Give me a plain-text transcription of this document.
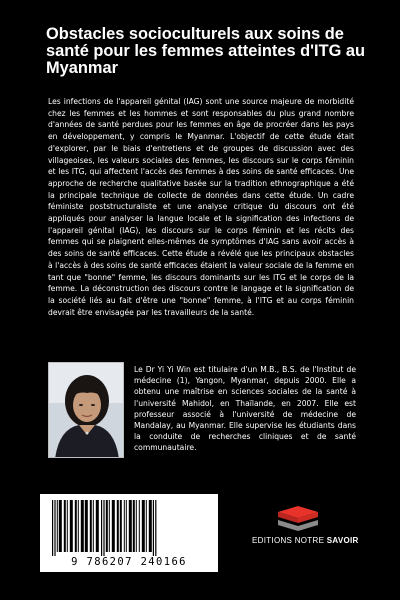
Obstacles socioculturels aux soins de santé pour les femmes atteintes d'ITG au Myanmar

Les infections de l'appareil génital (IAG) sont une source majeure de morbidité chez les femmes et les hommes et sont responsables du plus grand nombre d'années de santé perdues pour les femmes en âge de procréer dans les pays en développement, y compris le Myanmar. L'objectif de cette étude était d'explorer, par le biais d'entretiens et de groupes de discussion avec des villageoises, les valeurs sociales des femmes, les discours sur le corps féminin et les ITG, qui affectent l'accès des femmes à des soins de santé efficaces. Une approche de recherche qualitative basée sur la tradition ethnographique a été la principale technique de collecte de données dans cette étude. Un cadre féministe poststructuraliste et une analyse critique du discours ont été appliqués pour analyser la langue locale et la signification des infections de l'appareil génital (IAG), les discours sur le corps féminin et les récits des femmes qui se plaignent elles-mêmes de symptômes d'IAG sans avoir accès à des soins de santé efficaces. Cette étude a révélé que les principaux obstacles à l'accès à des soins de santé efficaces étaient la valeur sociale de la femme en tant que "bonne" femme, les discours dominants sur les ITG et le corps de la femme. La déconstruction des discours contre le langage et la signification de la société liés au fait d'être une "bonne" femme, à l'ITG et au corps féminin devrait être envisagée par les travailleurs de la santé.

Le Dr Yi Yi Win est titulaire d'un M.B., B.S. de l'Institut de médecine (1), Yangon, Myanmar, depuis 2000. Elle a obtenu une maîtrise en sciences sociales de la santé à l'université Mahidol, en Thaïlande, en 2007. Elle est professeur associé à l'université de médecine de Mandalay, au Myanmar. Elle supervise les étudiants dans la conduite de recherches cliniques et de santé communautaire.

9 786207 240166
EDITIONS NOTRE SAVOIR
